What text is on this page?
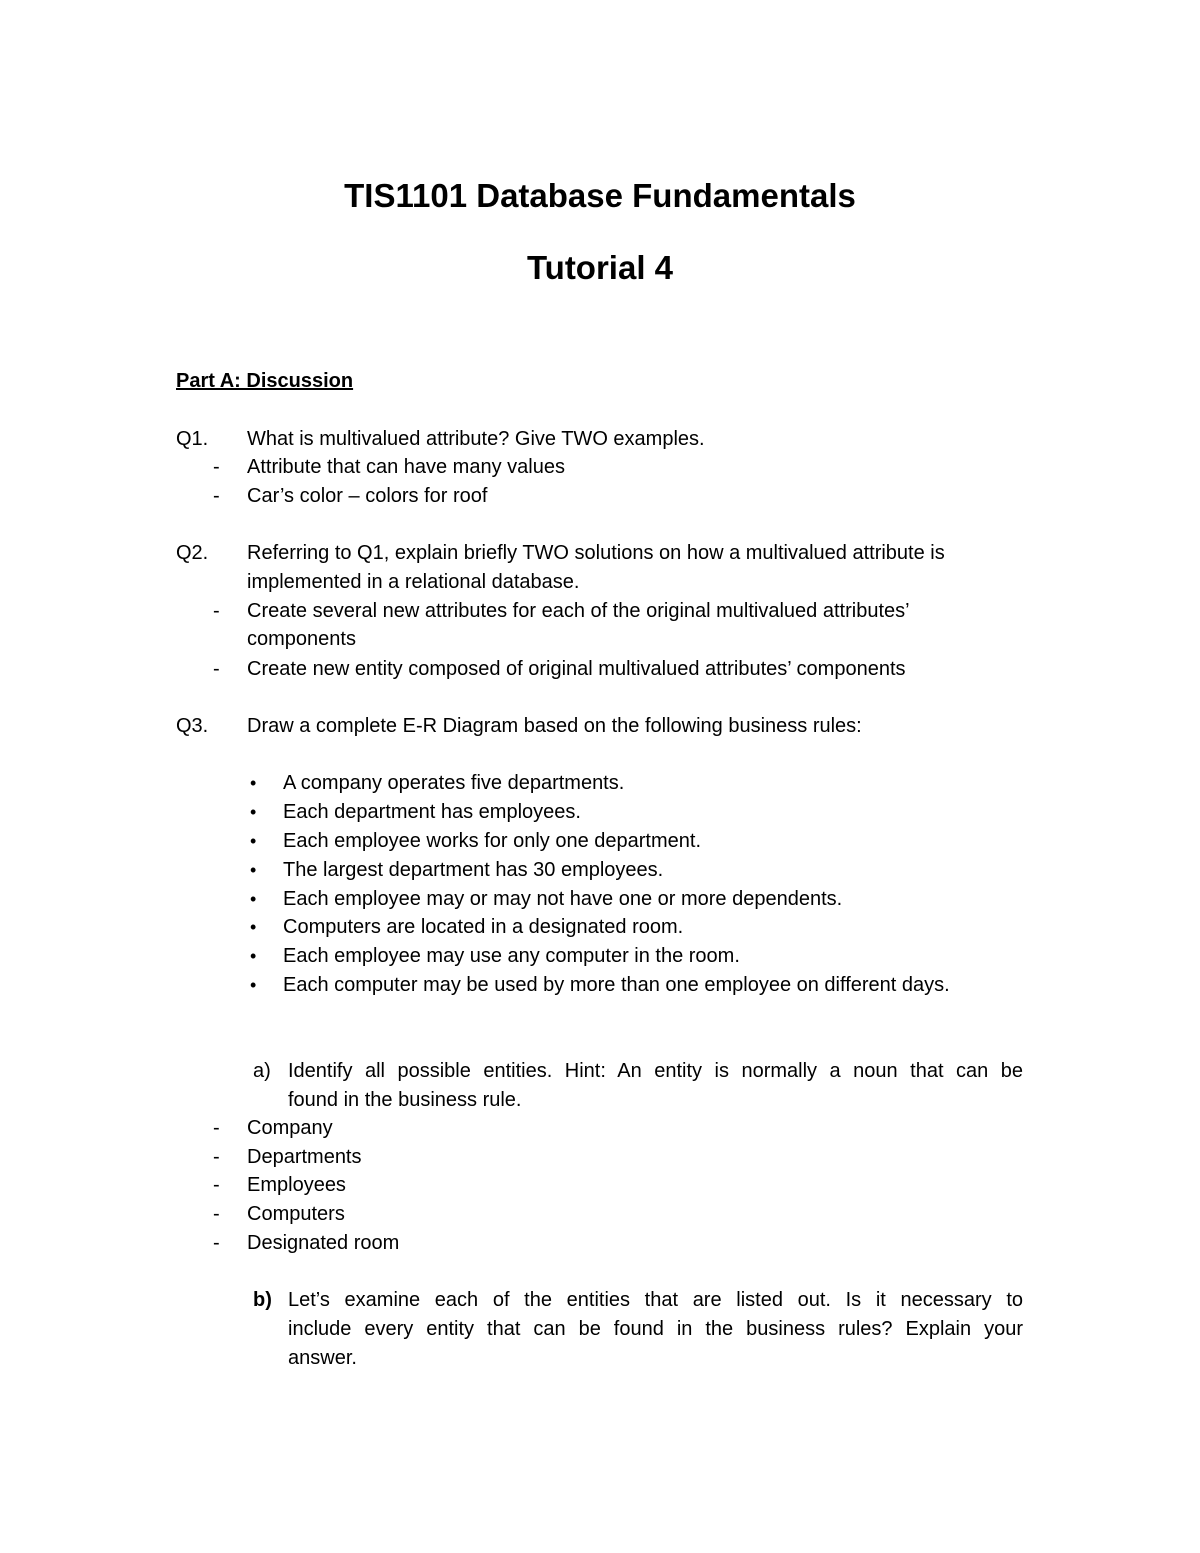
TIS1101 Database Fundamentals
Tutorial 4
Part A: Discussion
Q1. What is multivalued attribute? Give TWO examples.
- Attribute that can have many values
- Car’s color – colors for roof
Q2. Referring to Q1, explain briefly TWO solutions on how a multivalued attribute is
implemented in a relational database.
- Create several new attributes for each of the original multivalued attributes’
components
- Create new entity composed of original multivalued attributes’ components
Q3. Draw a complete E-R Diagram based on the following business rules:
• A company operates five departments.
• Each department has employees.
• Each employee works for only one department.
• The largest department has 30 employees.
• Each employee may or may not have one or more dependents.
• Computers are located in a designated room.
• Each employee may use any computer in the room.
• Each computer may be used by more than one employee on different days.
a) Identify all possible entities. Hint: An entity is normally a noun that can be
found in the business rule.
- Company
- Departments
- Employees
- Computers
- Designated room
b) Let’s examine each of the entities that are listed out. Is it necessary to
include every entity that can be found in the business rules? Explain your
answer.
